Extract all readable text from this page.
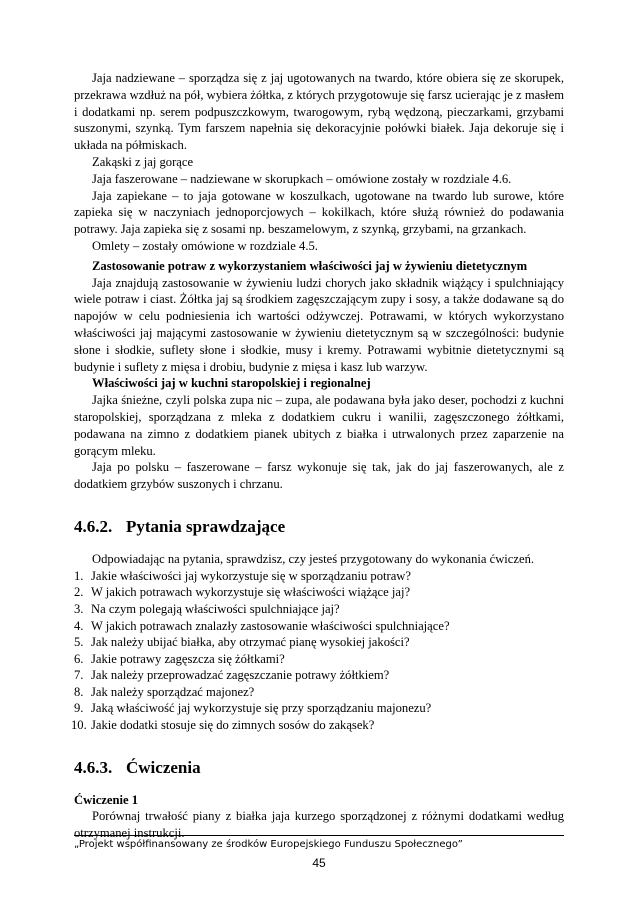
Jaja nadziewane – sporządza się z jaj ugotowanych na twardo, które obiera się ze skorupek, przekrawa wzdłuż na pół, wybiera żółtka, z których przygotowuje się farsz ucierając je z masłem i dodatkami np. serem podpuszczkowym, twarogowym, rybą wędzoną, pieczarkami, grzybami suszonymi, szynką. Tym farszem napełnia się dekoracyjnie połówki białek. Jaja dekoruje się i układa na półmiskach.

Zakąski z jaj gorące

Jaja faszerowane – nadziewane w skorupkach – omówione zostały w rozdziale 4.6.

Jaja zapiekane – to jaja gotowane w koszulkach, ugotowane na twardo lub surowe, które zapieka się w naczyniach jednoporcjowych – kokilkach, które służą również do podawania potrawy. Jaja zapieka się z sosami np. beszamelowym, z szynką, grzybami, na grzankach.

Omlety – zostały omówione w rozdziale 4.5.

Zastosowanie potraw z wykorzystaniem właściwości jaj w żywieniu dietetycznym

Jaja znajdują zastosowanie w żywieniu ludzi chorych jako składnik wiążący i spulchniający wiele potraw i ciast. Żółtka jaj są środkiem zagęszczającym zupy i sosy, a także dodawane są do napojów w celu podniesienia ich wartości odżywczej. Potrawami, w których wykorzystano właściwości jaj mającymi zastosowanie w żywieniu dietetycznym są w szczególności: budynie słone i słodkie, suflety słone i słodkie, musy i kremy. Potrawami wybitnie dietetycznymi są budynie i suflety z mięsa i drobiu, budynie z mięsa i kasz lub warzyw.

Właściwości jaj w kuchni staropolskiej i regionalnej

Jajka śnieżne, czyli polska zupa nic – zupa, ale podawana była jako deser, pochodzi z kuchni staropolskiej, sporządzana z mleka z dodatkiem cukru i wanilii, zagęszczonego żółtkami, podawana na zimno z dodatkiem pianek ubitych z białka i utrwalonych przez zaparzenie na gorącym mleku.

Jaja po polsku – faszerowane – farsz wykonuje się tak, jak do jaj faszerowanych, ale z dodatkiem grzybów suszonych i chrzanu.

4.6.2. Pytania sprawdzające

Odpowiadając na pytania, sprawdzisz, czy jesteś przygotowany do wykonania ćwiczeń.

1. Jakie właściwości jaj wykorzystuje się w sporządzaniu potraw?
2. W jakich potrawach wykorzystuje się właściwości wiążące jaj?
3. Na czym polegają właściwości spulchniające jaj?
4. W jakich potrawach znalazły zastosowanie właściwości spulchniające?
5. Jak należy ubijać białka, aby otrzymać pianę wysokiej jakości?
6. Jakie potrawy zagęszcza się żółtkami?
7. Jak należy przeprowadzać zagęszczanie potrawy żółtkiem?
8. Jak należy sporządzać majonez?
9. Jaką właściwość jaj wykorzystuje się przy sporządzaniu majonezu?
10. Jakie dodatki stosuje się do zimnych sosów do zakąsek?
4.6.3. Ćwiczenia

Ćwiczenie 1

Porównaj trwałość piany z białka jaja kurzego sporządzonej z różnymi dodatkami według otrzymanej instrukcji.

„Projekt współfinansowany ze środków Europejskiego Funduszu Społecznego”
45
